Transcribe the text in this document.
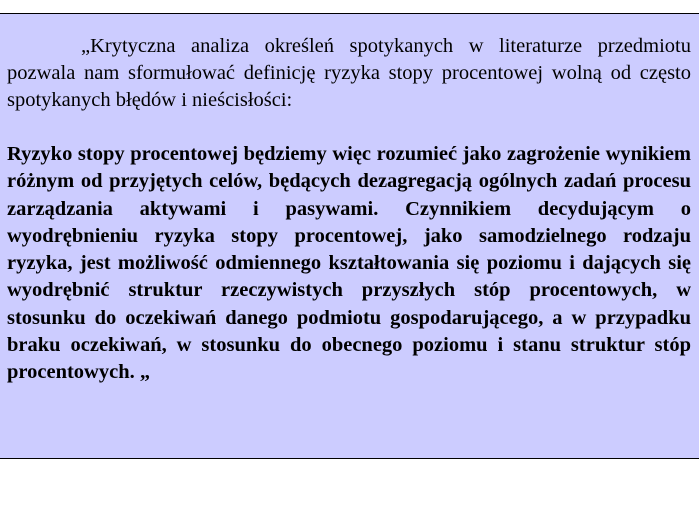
„Krytyczna analiza określeń spotykanych w literaturze przedmiotu pozwala nam sformułować definicję ryzyka stopy procentowej wolną od często spotykanych błędów i nieścisłości:

Ryzyko stopy procentowej będziemy więc rozumieć jako zagrożenie wynikiem różnym od przyjętych celów, będących dezagregacją ogólnych zadań procesu zarządzania aktywami i pasywami. Czynnikiem decydującym o wyodrębnieniu ryzyka stopy procentowej, jako samodzielnego rodzaju ryzyka, jest możliwość odmiennego kształtowania się poziomu i dających się wyodrębnić struktur rzeczywistych przyszłych stóp procentowych, w stosunku do oczekiwań danego podmiotu gospodarującego, a w przypadku braku oczekiwań, w stosunku do obecnego poziomu i stanu struktur stóp procentowych. „
